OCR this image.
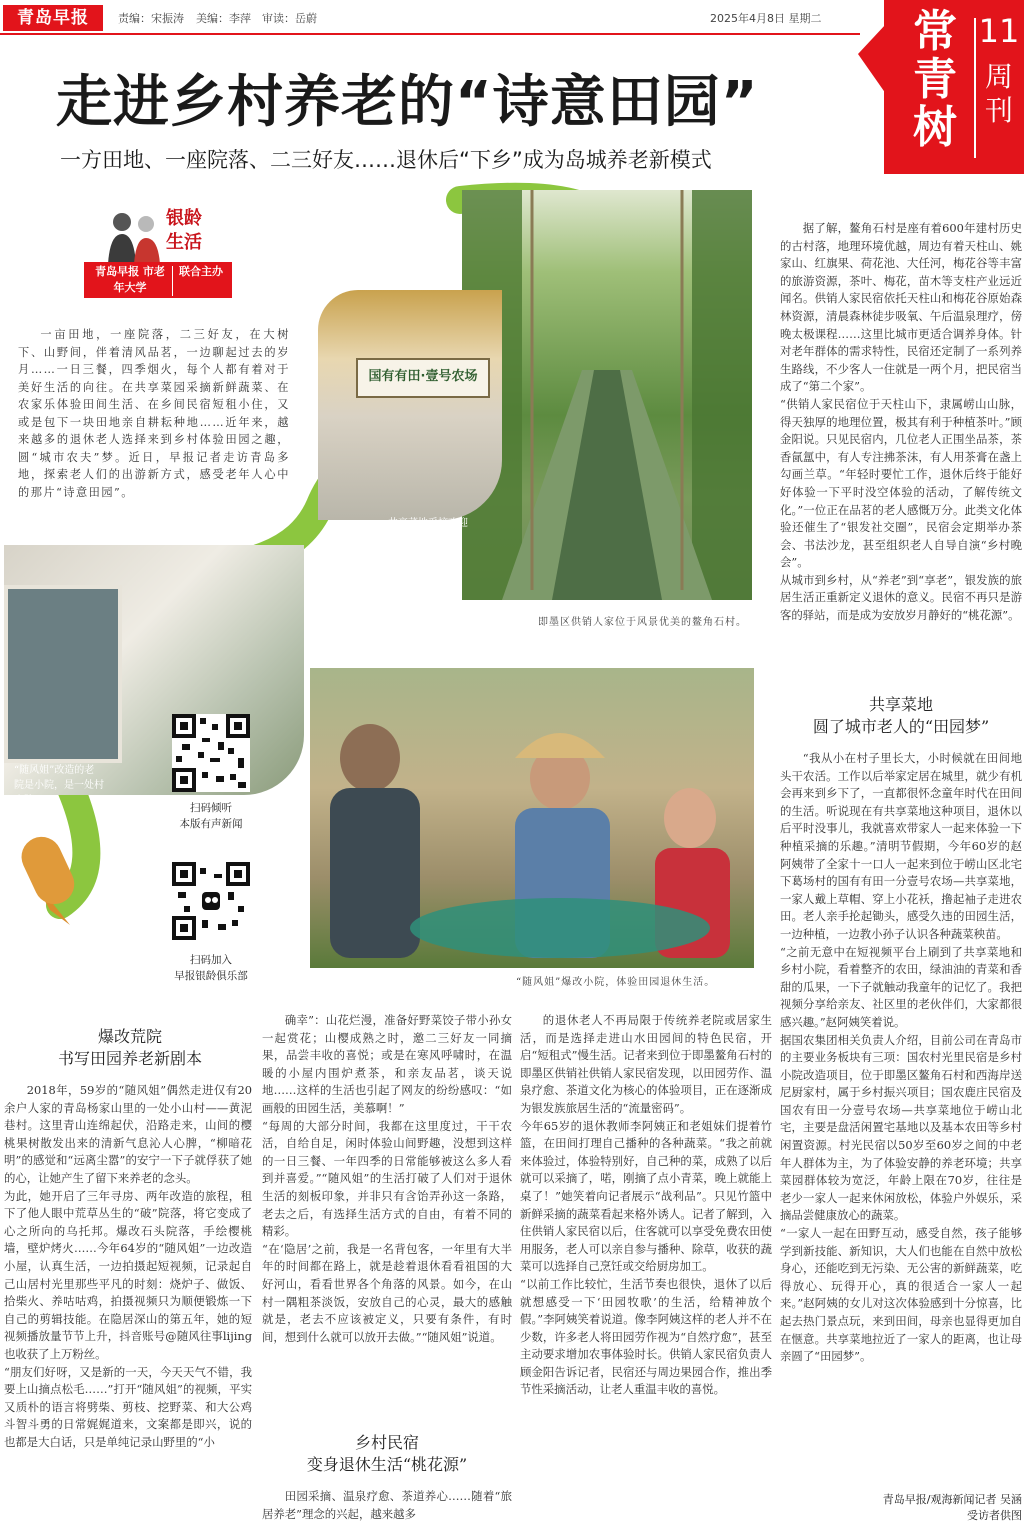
青岛早报	责编：宋振涛 美编：李萍 审读：岳蔚	2025年4月8日 星期二 常青树
11
周刊
走进乡村养老的“诗意田园”
一方田地、一座院落、二三好友……退休后“下乡”成为岛城养老新模式
银龄生活
青岛早报 市老年大学
联合主办

一亩田地，一座院落，二三好友，在大树下、山野间，伴着清风品茗，一边聊起过去的岁月……一日三餐，四季烟火，每个人都有着对于美好生活的向往。在共享菜园采摘新鲜蔬菜、在农家乐体验田间生活、在乡间民宿短租小住，又或是包下一块田地亲自耕耘种地……近年来，越来越多的退休老人选择来到乡村体验田园之趣，圆“城市农夫”梦。近日，早报记者走访青岛多地，探索老人们的出游新方式，感受老年人心中的那片“诗意田园”。

即墨区供销人家位于风景优美的鳌角石村。
国有有田·壹号农场
共享菜地采摘欢迎
“随风姐”改造的老院是小院，是一处村小院。
“随风姐”爆改小院，体验田园退休生活。
扫码倾听
本版有声新闻
扫码加入
早报银龄俱乐部
据了解，鳌角石村是座有着600年建村历史的古村落，地理环境优越，周边有着天柱山、姚家山、红旗果、荷花池、大任河，梅花谷等丰富的旅游资源，茶叶、梅花，苗木等支柱产业远近闻名。供销人家民宿依托天柱山和梅花谷原始森林资源，清晨森林徒步吸氧、午后温泉理疗，傍晚太极课程……这里比城市更适合调养身体。针对老年群体的需求特性，民宿还定制了一系列养生路线，不少客人一住就是一两个月，把民宿当成了“第二个家”。
“供销人家民宿位于天柱山下，隶属崂山山脉，得天独厚的地理位置，极其有利于种植茶叶。”顾金阳说。只见民宿内，几位老人正围坐品茶，茶香氤氲中，有人专注拂茶沫，有人用茶膏在盏上勾画兰草。“年轻时要忙工作，退休后终于能好好体验一下平时没空体验的活动，了解传统文化。”一位正在品茗的老人感慨万分。此类文化体验还催生了“银发社交圈”，民宿会定期举办茶会、书法沙龙，甚至组织老人自导自演“乡村晚会”。
从城市到乡村，从“养老”到“享老”，银发族的旅居生活正重新定义退休的意义。民宿不再只是游客的驿站，而是成为安放岁月静好的“桃花源”。
共享菜地
圆了城市老人的“田园梦”
“我从小在村子里长大，小时候就在田间地头干农活。工作以后举家定居在城里，就少有机会再来到乡下了，一直都很怀念童年时代在田间的生活。听说现在有共享菜地这种项目，退休以后平时没事儿，我就喜欢带家人一起来体验一下种植采摘的乐趣。”清明节假期，今年60岁的赵阿姨带了全家十一口人一起来到位于崂山区北宅下葛场村的国有有田一分壹号农场—共享菜地，一家人戴上草帽、穿上小花袄，撸起袖子走进农田。老人亲手抡起锄头，感受久违的田园生活，一边种植，一边教小孙子认识各种蔬菜秧苗。
“之前无意中在短视频平台上刷到了共享菜地和乡村小院，看着整齐的农田，绿油油的青菜和香甜的瓜果，一下子就触动我童年的记忆了。我把视频分享给亲友、社区里的老伙伴们，大家都很感兴趣。”赵阿姨笑着说。
据国农集团相关负责人介绍，目前公司在青岛市的主要业务板块有三项：国农村光里民宿是乡村小院改造项目，位于即墨区鳌角石村和西海岸送尼厨家村，属于乡村振兴项目；国农鹿庄民宿及国农有田一分壹号农场—共享菜地位于崂山北宅，主要是盘活闲置宅基地以及基本农田等乡村闲置资源。村光民宿以50岁至60岁之间的中老年人群体为主，为了体验安静的养老环境；共享菜园群体较为宽泛，年龄上限在70岁，往往是老少一家人一起来休闲放松，体验户外娱乐，采摘品尝健康放心的蔬菜。
“一家人一起在田野互动，感受自然，孩子能够学到新技能、新知识，大人们也能在自然中放松身心，还能吃到无污染、无公害的新鲜蔬菜，吃得放心、玩得开心，真的很适合一家人一起来。”赵阿姨的女儿对这次体验感到十分惊喜，比起去热门景点玩，来到田间，母亲也显得更加自在惬意。共享菜地拉近了一家人的距离，也让母亲圆了“田园梦”。
爆改荒院
书写田园养老新剧本
2018年，59岁的“随风姐”偶然走进仅有20余户人家的青岛杨家山里的一处小山村——黄泥巷村。这里青山连绵起伏，沿路走来，山间的樱桃果树散发出来的清新气息沁人心脾，“柳暗花明”的感觉和“远离尘嚣”的安宁一下子就俘获了她的心，让她产生了留下来养老的念头。
为此，她开启了三年寻房、两年改造的旅程，租下了他人眼中荒草丛生的“破”院落，将它变成了心之所向的乌托邦。爆改石头院落，手绘樱桃墙，壁炉烤火……今年64岁的“随风姐”一边改造小屋，认真生活，一边拍摄起短视频，记录起自己山居村光里那些平凡的时刻：烧炉子、做饭、拾柴火、养咕咕鸡，拍摄视频只为顺便锻炼一下自己的剪辑技能。在隐居深山的第五年，她的短视频播放量节节上升，抖音账号@随风往事lijing也收获了上万粉丝。
“朋友们好呀，又是新的一天，今天天气不错，我要上山摘点松毛……”打开“随风姐”的视频，平实又质朴的语言将劈柴、剪枝、挖野菜、和大公鸡斗智斗勇的日常娓娓道来，文案都是即兴，说的也都是大白话，只是单纯记录山野里的“小
确幸”：山花烂漫，准备好野菜饺子带小孙女一起赏花；山樱成熟之时，邀二三好友一同摘果，品尝丰收的喜悦；或是在寒风呼啸时，在温暖的小屋内围炉煮茶，和亲友品茗，谈天说地……这样的生活也引起了网友的纷纷感叹：“如画般的田园生活，美慕啊！”
“每周的大部分时间，我都在这里度过，干干农活，自给自足，闲时体验山间野趣，没想到这样的一日三餐、一年四季的日常能够被这么多人看到并喜爱。”“随风姐”的生活打破了人们对于退休生活的刻板印象，并非只有含饴弄孙这一条路，老去之后，有选择生活方式的自由，有着不同的精彩。
“在‘隐居’之前，我是一名背包客，一年里有大半年的时间都在路上，就是趁着退休看看祖国的大好河山，看看世界各个角落的风景。如今，在山村一隅粗茶淡饭，安放自己的心灵，最大的感触就是，老去不应该被定义，只要有条件，有时间，想到什么就可以放开去做。”“随风姐”说道。
乡村民宿
变身退休生活“桃花源”
田园采摘、温泉疗愈、茶道养心……随着“旅居养老”理念的兴起，越来越多
的退休老人不再局限于传统养老院或居家生活，而是选择走进山水田园间的特色民宿，开启“短租式”慢生活。记者来到位于即墨鳌角石村的即墨区供销社供销人家民宿发现，以田园劳作、温泉疗愈、茶道文化为核心的体验项目，正在逐渐成为银发族旅居生活的“流量密码”。
今年65岁的退休教师李阿姨正和老姐妹们提着竹篮，在田间打理自己播种的各种蔬菜。“我之前就来体验过，体验特别好，自己种的菜，成熟了以后就可以采摘了，喏，刚摘了点小青菜，晚上就能上桌了！”她笑着向记者展示“战利品”。只见竹篮中新鲜采摘的蔬菜看起来格外诱人。记者了解到，入住供销人家民宿以后，住客就可以享受免费农田使用服务，老人可以亲自参与播种、除草，收获的蔬菜可以选择自己烹饪或交给厨房加工。
“以前工作比较忙，生活节奏也很快，退休了以后就想感受一下‘田园牧歌’的生活，给精神放个假。”李阿姨笑着说道。像李阿姨这样的老人并不在少数，许多老人将田园劳作视为“自然疗愈”，甚至主动要求增加农事体验时长。供销人家民宿负责人顾金阳告诉记者，民宿还与周边果园合作，推出季节性采摘活动，让老人重温丰收的喜悦。
青岛早报/观海新闻记者 吴涵
受访者供图
